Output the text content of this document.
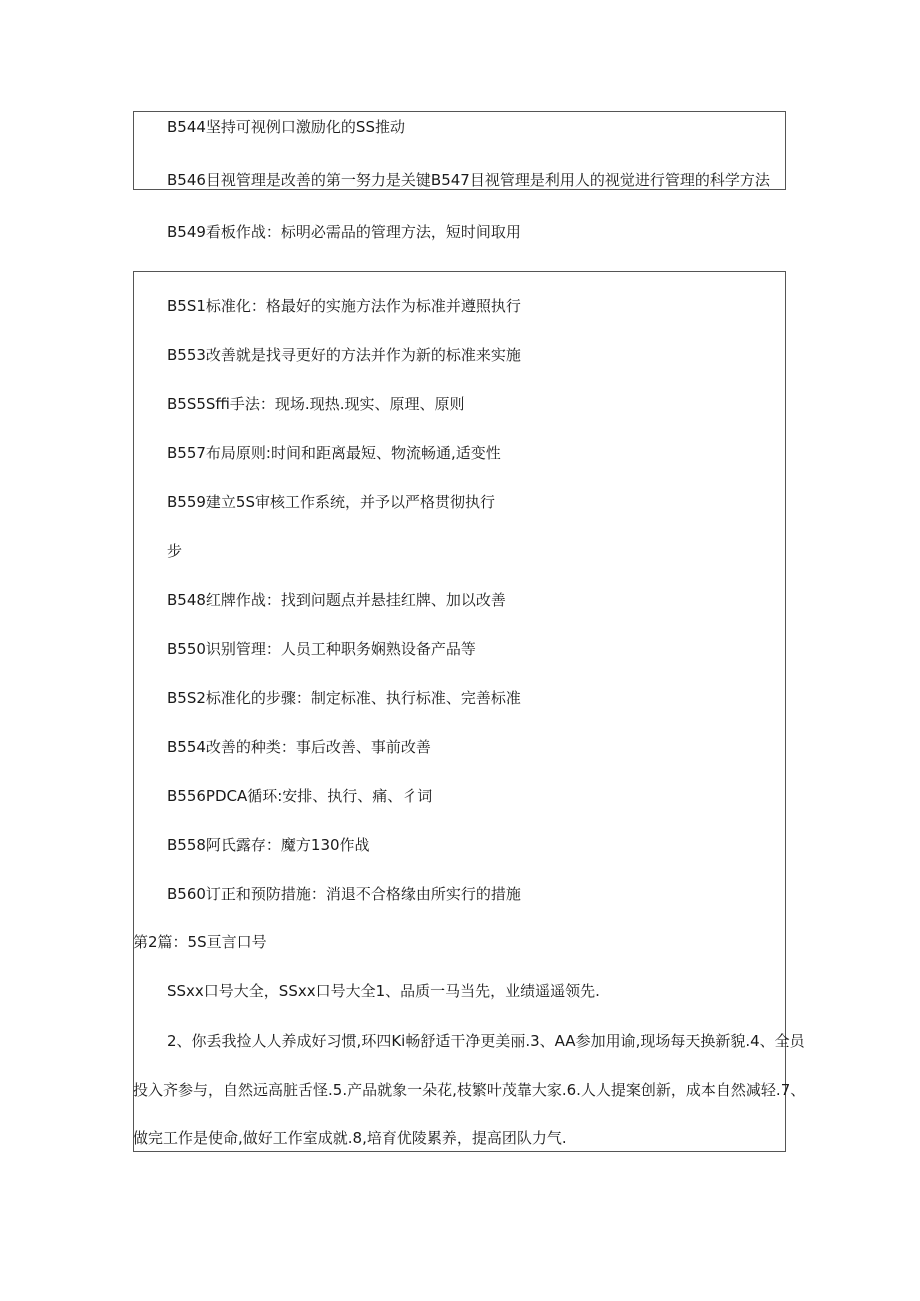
B544坚持可视例口激励化的SS推动
B546目视管理是改善的第一努力是关键B547目视管理是利用人的视觉进行管理的科学方法
B549看板作战：标明必需品的管理方法，短时间取用
B5S1标准化：格最好的实施方法作为标准并遵照执行
B553改善就是找寻更好的方法并作为新的标准来实施
B5S5Sffi手法：现场.现热.现实、原理、原则
B557布局原则:时间和距离最短、物流畅通,适变性
B559建立5S审核工作系统，并予以严格贯彻执行
步
B548红牌作战：找到问题点并悬挂红牌、加以改善
B550识别管理：人员工种职务娴熟设备产品等
B5S2标准化的步骤：制定标准、执行标准、完善标准
B554改善的种类：事后改善、事前改善
B556PDCA循环:安排、执行、痛、彳词
B558阿氏露存：魔方130作战
B560订正和预防措施：消退不合格缘由所实行的措施
第2篇：5S亘言口号
SSxx口号大全，SSxx口号大全1、品质一马当先，业绩遥遥领先.
2、你丢我捡人人养成好习惯,环四Ki畅舒适干净更美丽.3、AA参加用谕,现场每天换新貌.4、全员
投入齐参与，自然远高脏舌怪.5.产品就象一朵花,枝繁叶茂靠大家.6.人人提案创新，成本自然减轻.7、
做完工作是使命,做好工作室成就.8,培育优陵累养，提高团队力气.
